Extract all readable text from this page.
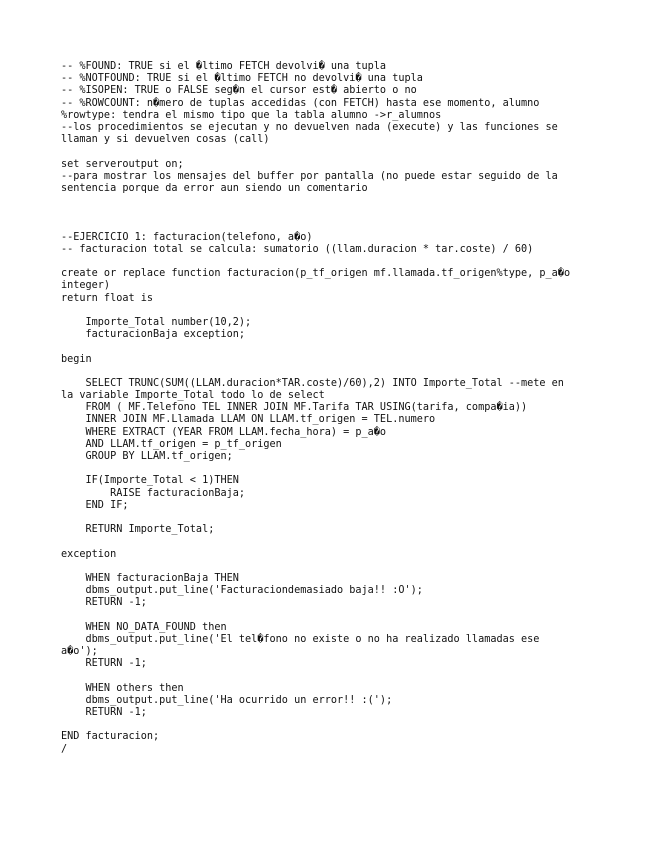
-- %FOUND: TRUE si el �ltimo FETCH devolvi� una tupla
-- %NOTFOUND: TRUE si el �ltimo FETCH no devolvi� una tupla
-- %ISOPEN: TRUE o FALSE seg�n el cursor est� abierto o no
-- %ROWCOUNT: n�mero de tuplas accedidas (con FETCH) hasta ese momento, alumno
%rowtype: tendra el mismo tipo que la tabla alumno ->r_alumnos
--los procedimientos se ejecutan y no devuelven nada (execute) y las funciones se
llaman y si devuelven cosas (call)
set serveroutput on;
--para mostrar los mensajes del buffer por pantalla (no puede estar seguido de la
sentencia porque da error aun siendo un comentario
--EJERCICIO 1: facturacion(telefono, a�o)
-- facturacion total se calcula: sumatorio ((llam.duracion * tar.coste) / 60)
create or replace function facturacion(p_tf_origen mf.llamada.tf_origen%type, p_a�o
integer)
return float is
Importe_Total number(10,2);
facturacionBaja exception;
begin
SELECT TRUNC(SUM((LLAM.duracion*TAR.coste)/60),2) INTO Importe_Total --mete en
la variable Importe_Total todo lo de select
FROM ( MF.Telefono TEL INNER JOIN MF.Tarifa TAR USING(tarifa, compa�ia))
INNER JOIN MF.Llamada LLAM ON LLAM.tf_origen = TEL.numero
WHERE EXTRACT (YEAR FROM LLAM.fecha_hora) = p_a�o
AND LLAM.tf_origen = p_tf_origen
GROUP BY LLAM.tf_origen;
IF(Importe_Total < 1)THEN
RAISE facturacionBaja;
END IF;
RETURN Importe_Total;
exception
WHEN facturacionBaja THEN
dbms_output.put_line('Facturaciondemasiado baja!! :O');
RETURN -1;
WHEN NO_DATA_FOUND then
dbms_output.put_line('El tel�fono no existe o no ha realizado llamadas ese
a�o');
RETURN -1;
WHEN others then
dbms_output.put_line('Ha ocurrido un error!! :(');
RETURN -1;
END facturacion;
/
